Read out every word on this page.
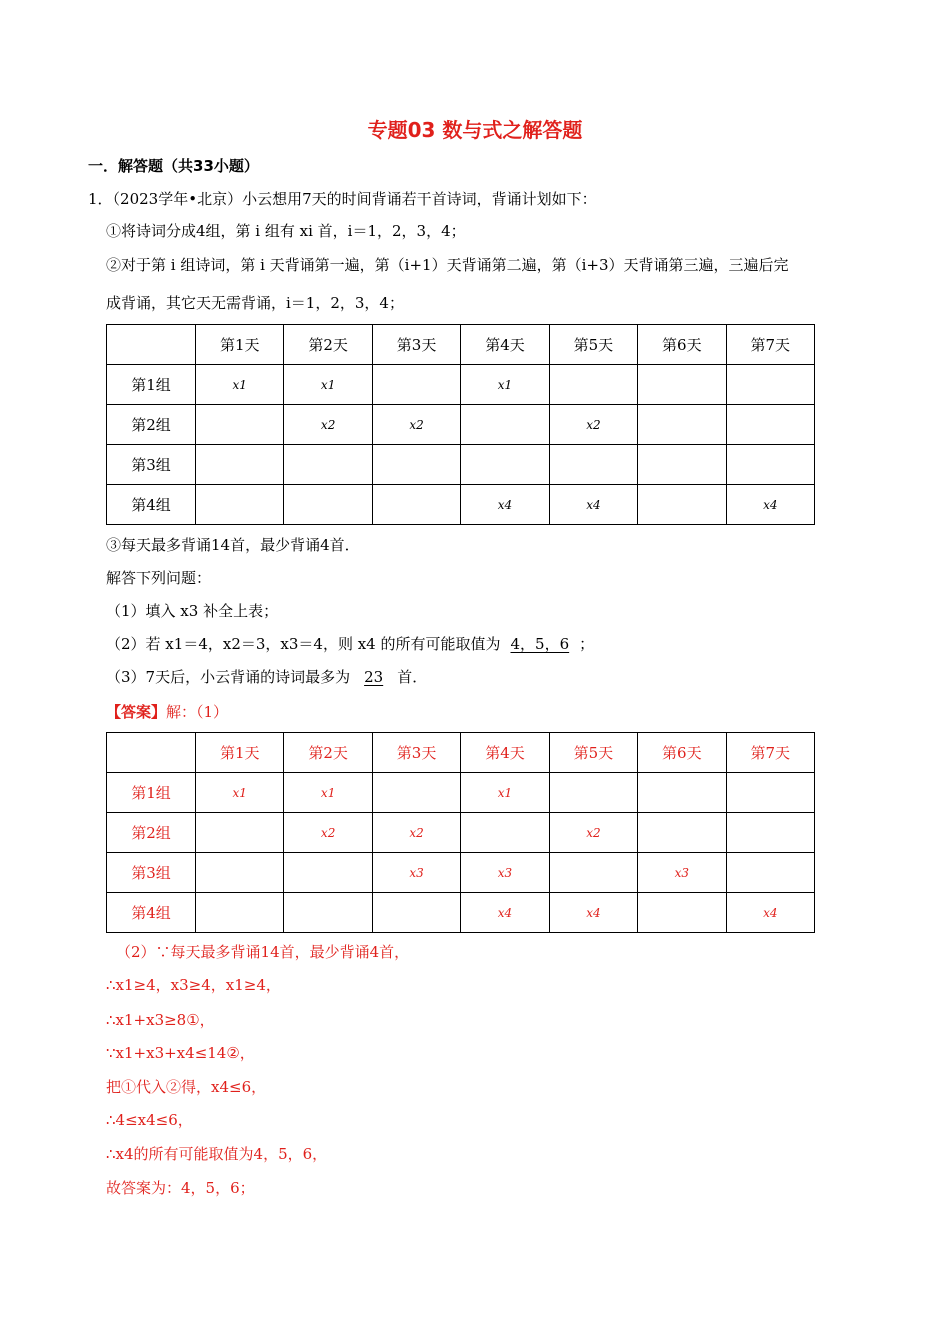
专题03 数与式之解答题
一．解答题（共33小题）
1．（2023学年•北京）小云想用7天的时间背诵若干首诗词，背诵计划如下：
①将诗词分成4组，第 i 组有 xi 首，i＝1，2，3，4；
②对于第 i 组诗词，第 i 天背诵第一遍，第（i+1）天背诵第二遍，第（i+3）天背诵第三遍，三遍后完
成背诵，其它天无需背诵，i＝1，2，3，4；
	第1天	第2天	第3天	第4天	第5天	第6天	第7天
第1组	x1	x1		x1			
第2组		x2	x2		x2		
第3组							
第4组				x4	x4		x4
③每天最多背诵14首，最少背诵4首．
解答下列问题：
（1）填入 x3 补全上表；
（2）若 x1＝4，x2＝3，x3＝4，则 x4 的所有可能取值为 4，5，6 ；
（3）7天后，小云背诵的诗词最多为 23 首．
【答案】解：（1）
	第1天	第2天	第3天	第4天	第5天	第6天	第7天
第1组	x1	x1		x1			
第2组		x2	x2		x2		
第3组			x3	x3		x3	
第4组				x4	x4		x4
（2）∵每天最多背诵14首，最少背诵4首，
∴x1≥4，x3≥4，x1≥4，
∴x1+x3≥8①，
∵x1+x3+x4≤14②，
把①代入②得，x4≤6，
∴4≤x4≤6，
∴x4的所有可能取值为4，5，6，
故答案为：4，5，6；
